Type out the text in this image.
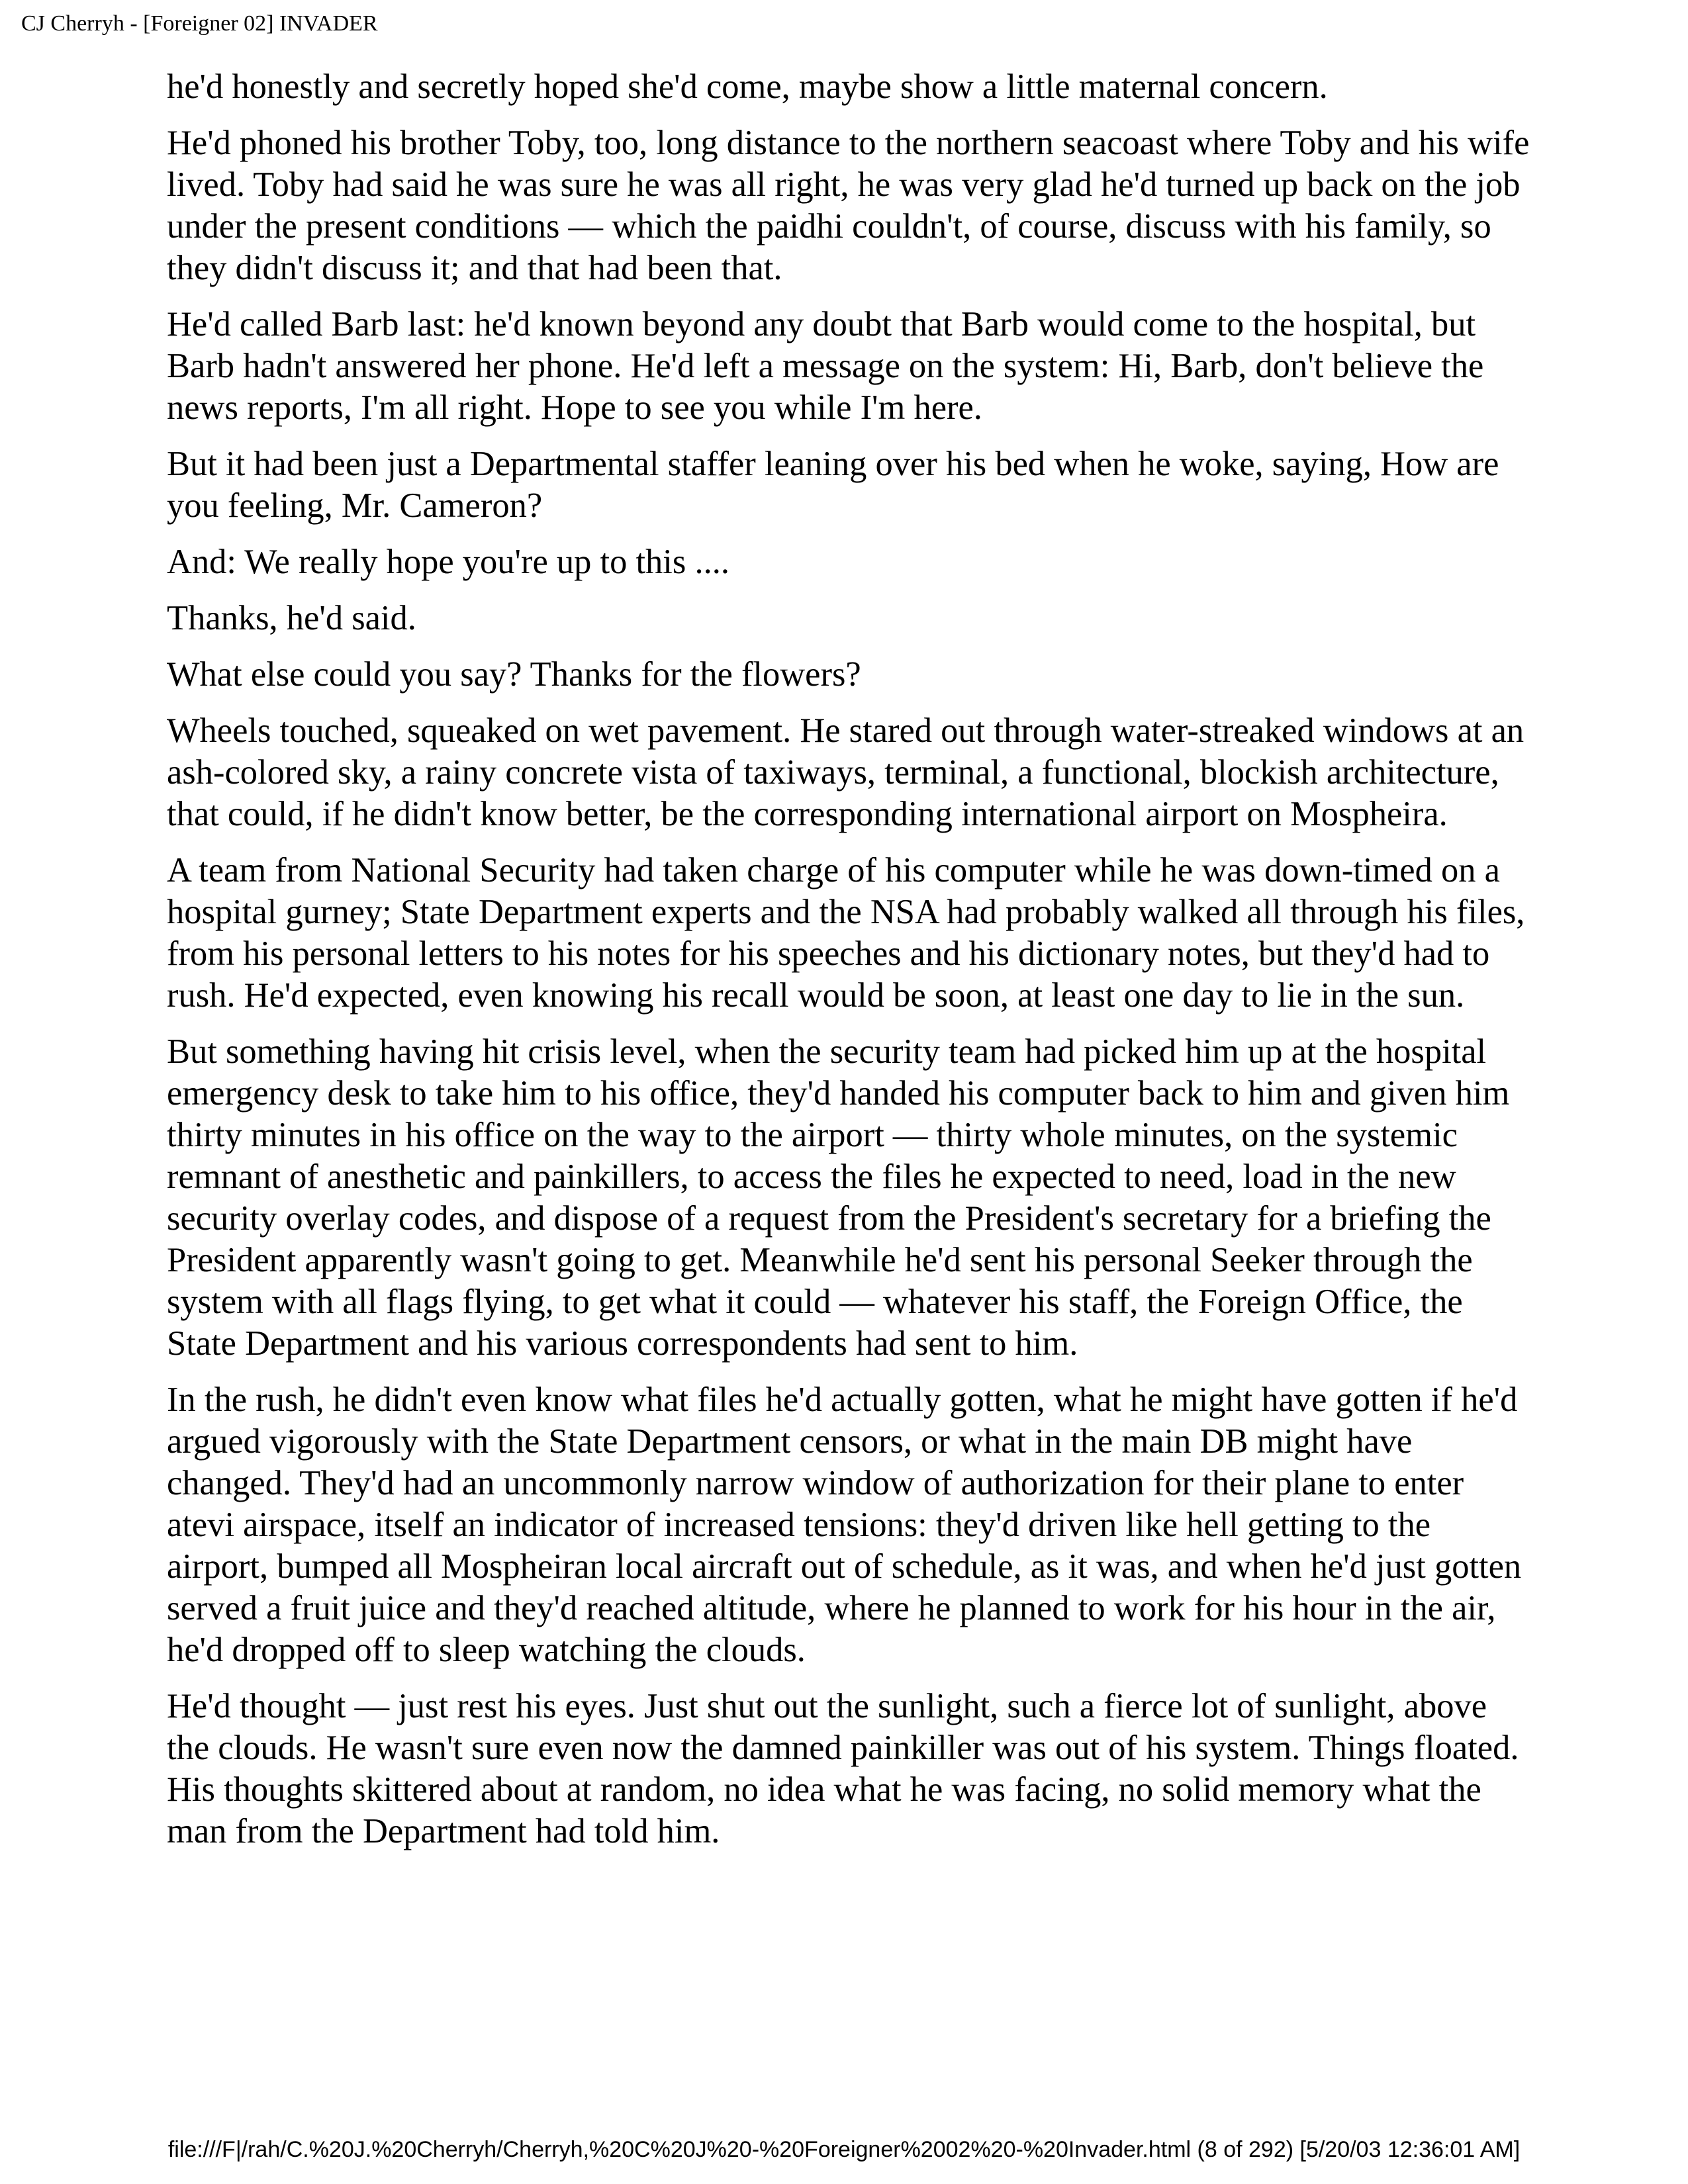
CJ Cherryh - [Foreigner 02] INVADER

he'd honestly and secretly hoped she'd come, maybe show a little maternal concern.

He'd phoned his brother Toby, too, long distance to the northern seacoast where Toby and his wife lived. Toby had said he was sure he was all right, he was very glad he'd turned up back on the job under the present conditions — which the paidhi couldn't, of course, discuss with his family, so they didn't discuss it; and that had been that.

He'd called Barb last: he'd known beyond any doubt that Barb would come to the hospital, but Barb hadn't answered her phone. He'd left a message on the system: Hi, Barb, don't believe the news reports, I'm all right. Hope to see you while I'm here.

But it had been just a Departmental staffer leaning over his bed when he woke, saying, How are you feeling, Mr. Cameron?

And: We really hope you're up to this ....

Thanks, he'd said.

What else could you say? Thanks for the flowers?

Wheels touched, squeaked on wet pavement. He stared out through water-streaked windows at an ash-colored sky, a rainy concrete vista of taxiways, terminal, a functional, blockish architecture, that could, if he didn't know better, be the corresponding international airport on Mospheira.

A team from National Security had taken charge of his computer while he was down-timed on a hospital gurney; State Department experts and the NSA had probably walked all through his files, from his personal letters to his notes for his speeches and his dictionary notes, but they'd had to rush. He'd expected, even knowing his recall would be soon, at least one day to lie in the sun.

But something having hit crisis level, when the security team had picked him up at the hospital emergency desk to take him to his office, they'd handed his computer back to him and given him thirty minutes in his office on the way to the airport — thirty whole minutes, on the systemic remnant of anesthetic and painkillers, to access the files he expected to need, load in the new security overlay codes, and dispose of a request from the President's secretary for a briefing the President apparently wasn't going to get. Meanwhile he'd sent his personal Seeker through the system with all flags flying, to get what it could — whatever his staff, the Foreign Office, the State Department and his various correspondents had sent to him.

In the rush, he didn't even know what files he'd actually gotten, what he might have gotten if he'd argued vigorously with the State Department censors, or what in the main DB might have changed. They'd had an uncommonly narrow window of authorization for their plane to enter atevi airspace, itself an indicator of increased tensions: they'd driven like hell getting to the airport, bumped all Mospheiran local aircraft out of schedule, as it was, and when he'd just gotten served a fruit juice and they'd reached altitude, where he planned to work for his hour in the air, he'd dropped off to sleep watching the clouds.

He'd thought — just rest his eyes. Just shut out the sunlight, such a fierce lot of sunlight, above the clouds. He wasn't sure even now the damned painkiller was out of his system. Things floated. His thoughts skittered about at random, no idea what he was facing, no solid memory what the man from the Department had told him.

file:///F|/rah/C.%20J.%20Cherryh/Cherryh,%20C%20J%20-%20Foreigner%2002%20-%20Invader.html (8 of 292) [5/20/03 12:36:01 AM]
